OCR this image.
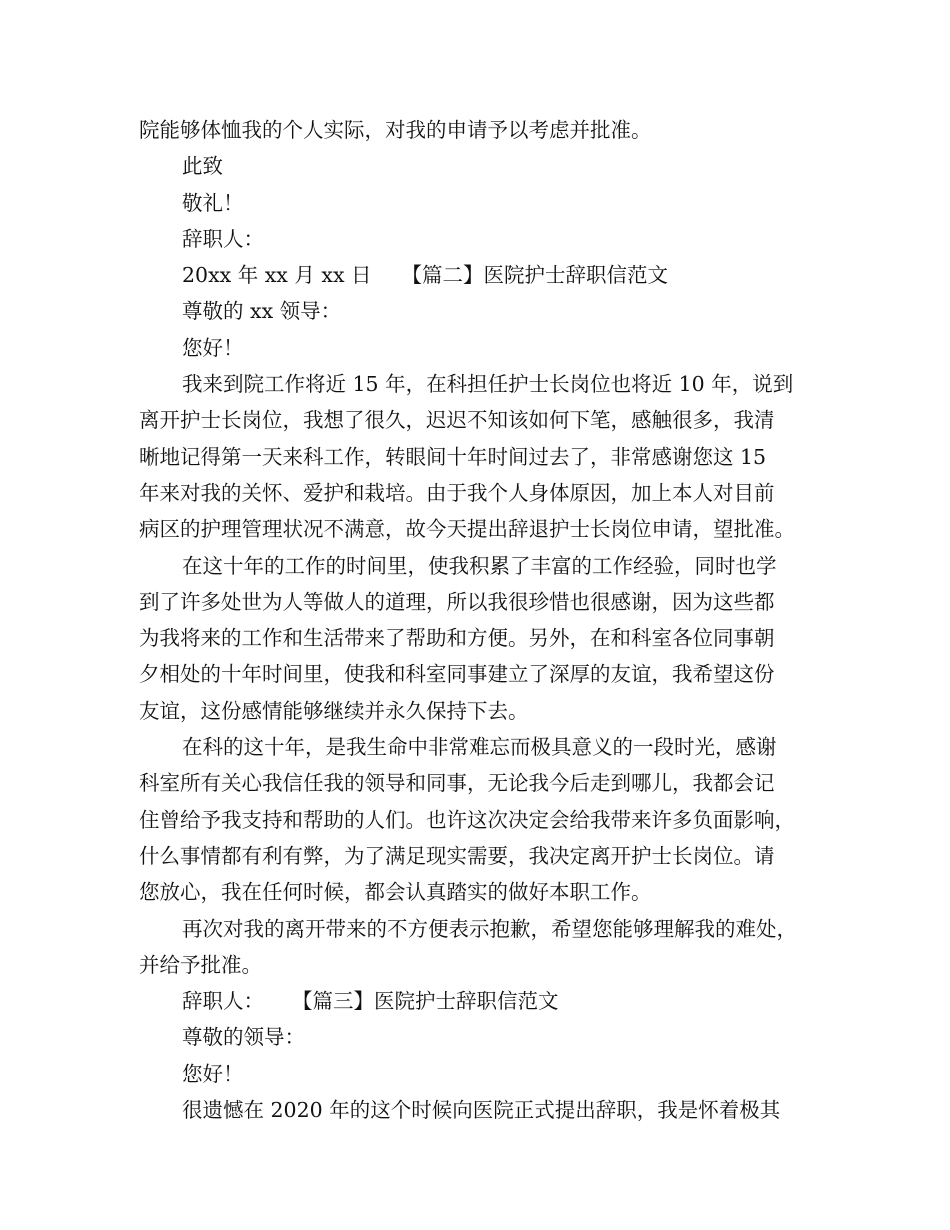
院能够体恤我的个人实际，对我的申请予以考虑并批准。
此致
敬礼！
辞职人：
20xx 年 xx 月 xx 日 【篇二】医院护士辞职信范文
尊敬的 xx 领导：
您好！
我来到院工作将近 15 年，在科担任护士长岗位也将近 10 年，说到
离开护士长岗位，我想了很久，迟迟不知该如何下笔，感触很多，我清
晰地记得第一天来科工作，转眼间十年时间过去了，非常感谢您这 15
年来对我的关怀、爱护和栽培。由于我个人身体原因，加上本人对目前
病区的护理管理状况不满意，故今天提出辞退护士长岗位申请，望批准。
在这十年的工作的时间里，使我积累了丰富的工作经验，同时也学
到了许多处世为人等做人的道理，所以我很珍惜也很感谢，因为这些都
为我将来的工作和生活带来了帮助和方便。另外，在和科室各位同事朝
夕相处的十年时间里，使我和科室同事建立了深厚的友谊，我希望这份
友谊，这份感情能够继续并永久保持下去。
在科的这十年，是我生命中非常难忘而极具意义的一段时光，感谢
科室所有关心我信任我的领导和同事，无论我今后走到哪儿，我都会记
住曾给予我支持和帮助的人们。也许这次决定会给我带来许多负面影响，
什么事情都有利有弊，为了满足现实需要，我决定离开护士长岗位。请
您放心，我在任何时候，都会认真踏实的做好本职工作。
再次对我的离开带来的不方便表示抱歉，希望您能够理解我的难处，
并给予批准。
辞职人： 【篇三】医院护士辞职信范文
尊敬的领导：
您好！
很遗憾在 2020 年的这个时候向医院正式提出辞职，我是怀着极其
